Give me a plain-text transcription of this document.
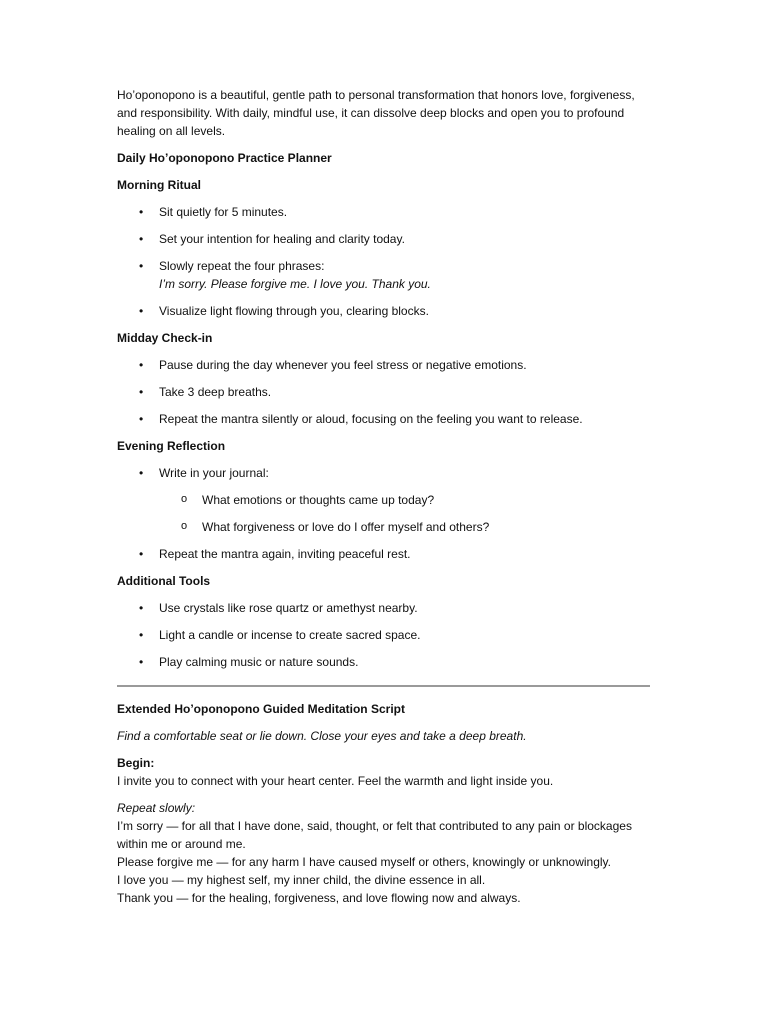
Ho’oponopono is a beautiful, gentle path to personal transformation that honors love, forgiveness, and responsibility. With daily, mindful use, it can dissolve deep blocks and open you to profound healing on all levels.

Daily Ho’oponopono Practice Planner

Morning Ritual

• Sit quietly for 5 minutes.
• Set your intention for healing and clarity today.
• Slowly repeat the four phrases:
I’m sorry. Please forgive me. I love you. Thank you.
• Visualize light flowing through you, clearing blocks.

Midday Check-in

• Pause during the day whenever you feel stress or negative emotions.
• Take 3 deep breaths.
• Repeat the mantra silently or aloud, focusing on the feeling you want to release.

Evening Reflection

• Write in your journal:
o What emotions or thoughts came up today?
o What forgiveness or love do I offer myself and others?
• Repeat the mantra again, inviting peaceful rest.

Additional Tools

• Use crystals like rose quartz or amethyst nearby.
• Light a candle or incense to create sacred space.
• Play calming music or nature sounds.

Extended Ho’oponopono Guided Meditation Script

Find a comfortable seat or lie down. Close your eyes and take a deep breath.

Begin:
I invite you to connect with your heart center. Feel the warmth and light inside you.
Repeat slowly:
I’m sorry — for all that I have done, said, thought, or felt that contributed to any pain or blockages within me or around me.
Please forgive me — for any harm I have caused myself or others, knowingly or unknowingly.
I love you — my highest self, my inner child, the divine essence in all.
Thank you — for the healing, forgiveness, and love flowing now and always.
